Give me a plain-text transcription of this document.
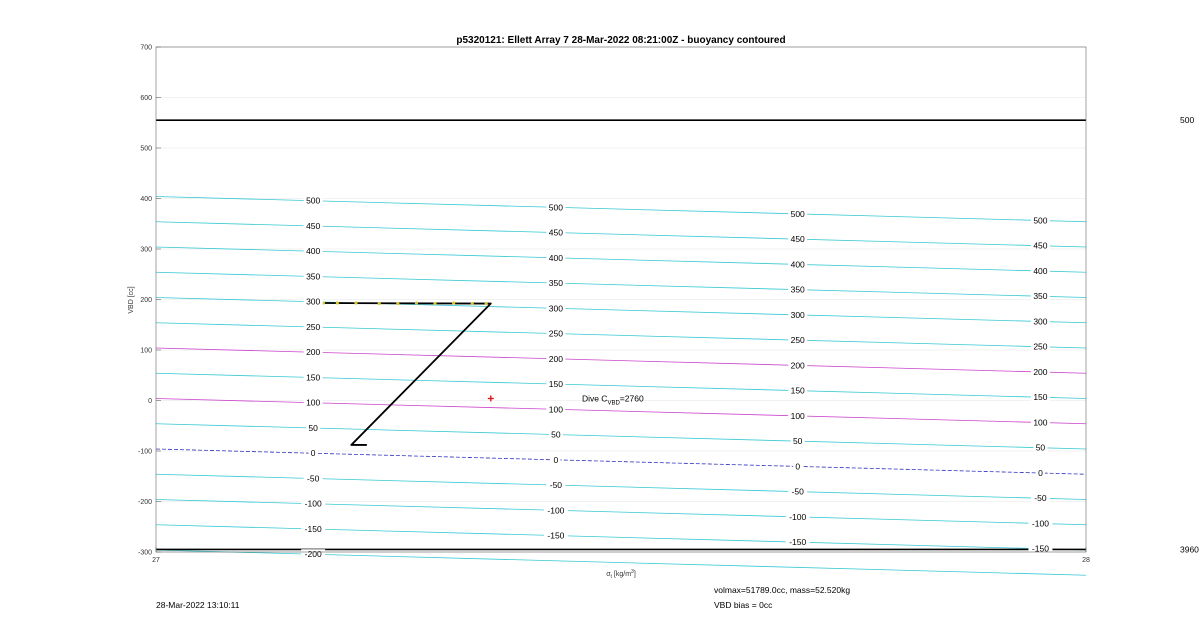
500
3960
500
450
400
350
300
250
200
150
100
50
0
-50
-100
-150
-200
500
450
400
350
300
250
200
150
100
50
0
-50
-100
-150
500
450
400
350
300
250
200
150
100
50
0
-50
-100
-150
500
450
400
350
300
250
200
150
100
50
0
-50
-100
-150
700
600
500
400
300
200
100
0
-100
-200
-300
27	28
p5320121: Ellett Array 7 28-Mar-2022 08:21:00Z - buoyancy contoured
VBD [cc]
$\sigma_t$ $[kg/m^3]$
Dive $C_{VBD}=2760$
28-Mar-2022 13:10:11
volmax=51789.0cc, mass=52.520kg
VBD bias = 0cc
